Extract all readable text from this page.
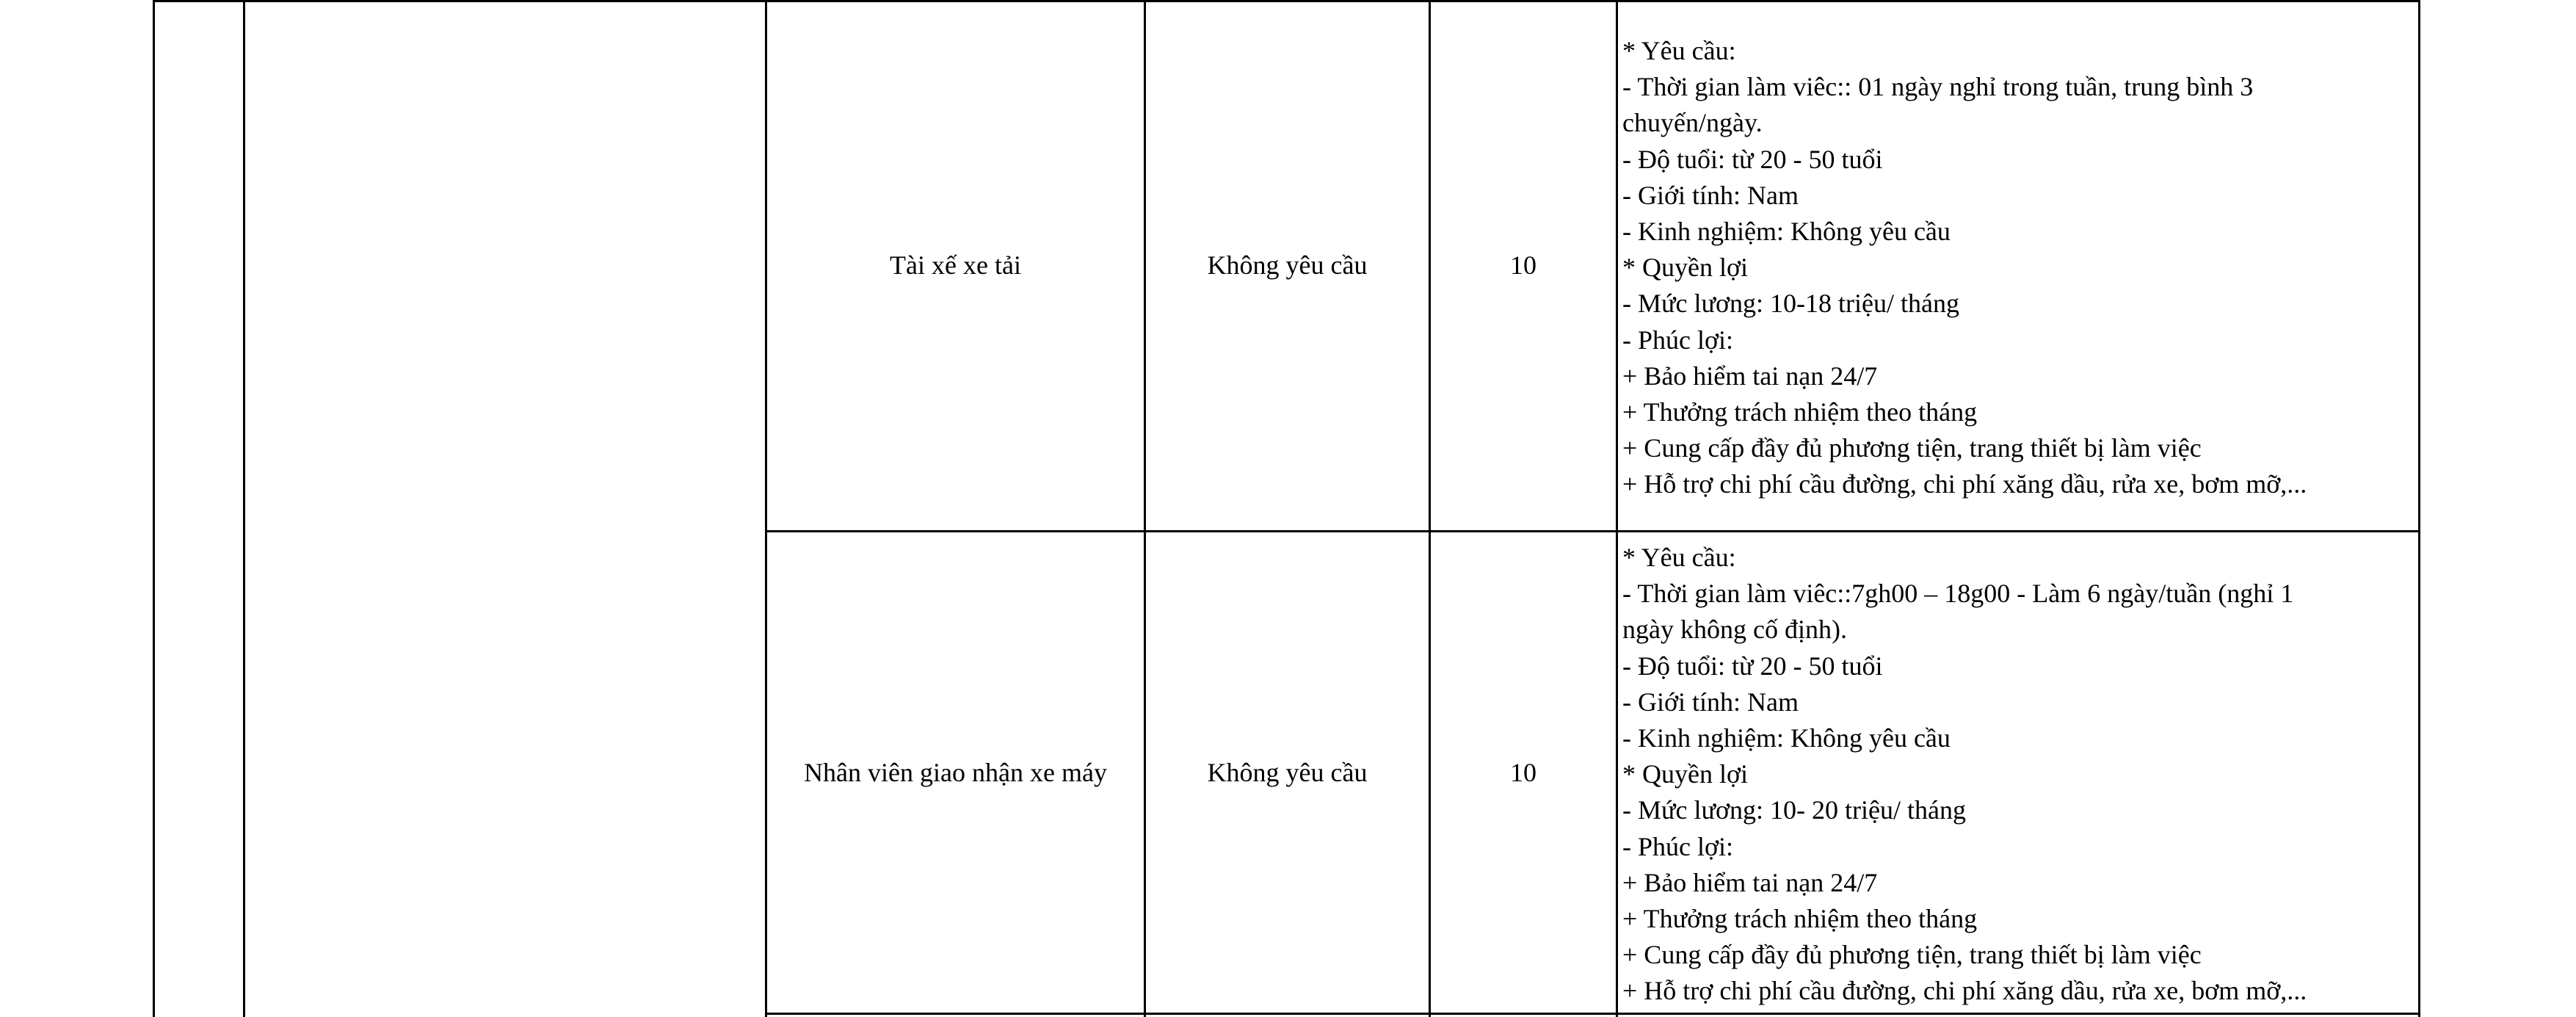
Tài xế xe tải	Không yêu cầu	10
* Yêu cầu:
- Thời gian làm viêc:: 01 ngày nghỉ trong tuần, trung bình 3
chuyến/ngày.
- Độ tuổi: từ 20 - 50 tuổi
- Giới tính: Nam
- Kinh nghiệm: Không yêu cầu
* Quyền lợi
- Mức lương: 10-18 triệu/ tháng
- Phúc lợi:
+ Bảo hiểm tai nạn 24/7
+ Thưởng trách nhiệm theo tháng
+ Cung cấp đầy đủ phương tiện, trang thiết bị làm việc
+ Hỗ trợ chi phí cầu đường, chi phí xăng dầu, rửa xe, bơm mỡ,...
Nhân viên giao nhận xe máy	Không yêu cầu	10
* Yêu cầu:
- Thời gian làm viêc::7gh00 – 18g00 - Làm 6 ngày/tuần (nghỉ 1
ngày không cố định).
- Độ tuổi: từ 20 - 50 tuổi
- Giới tính: Nam
- Kinh nghiệm: Không yêu cầu
* Quyền lợi
- Mức lương: 10- 20 triệu/ tháng
- Phúc lợi:
+ Bảo hiểm tai nạn 24/7
+ Thưởng trách nhiệm theo tháng
+ Cung cấp đầy đủ phương tiện, trang thiết bị làm việc
+ Hỗ trợ chi phí cầu đường, chi phí xăng dầu, rửa xe, bơm mỡ,...
